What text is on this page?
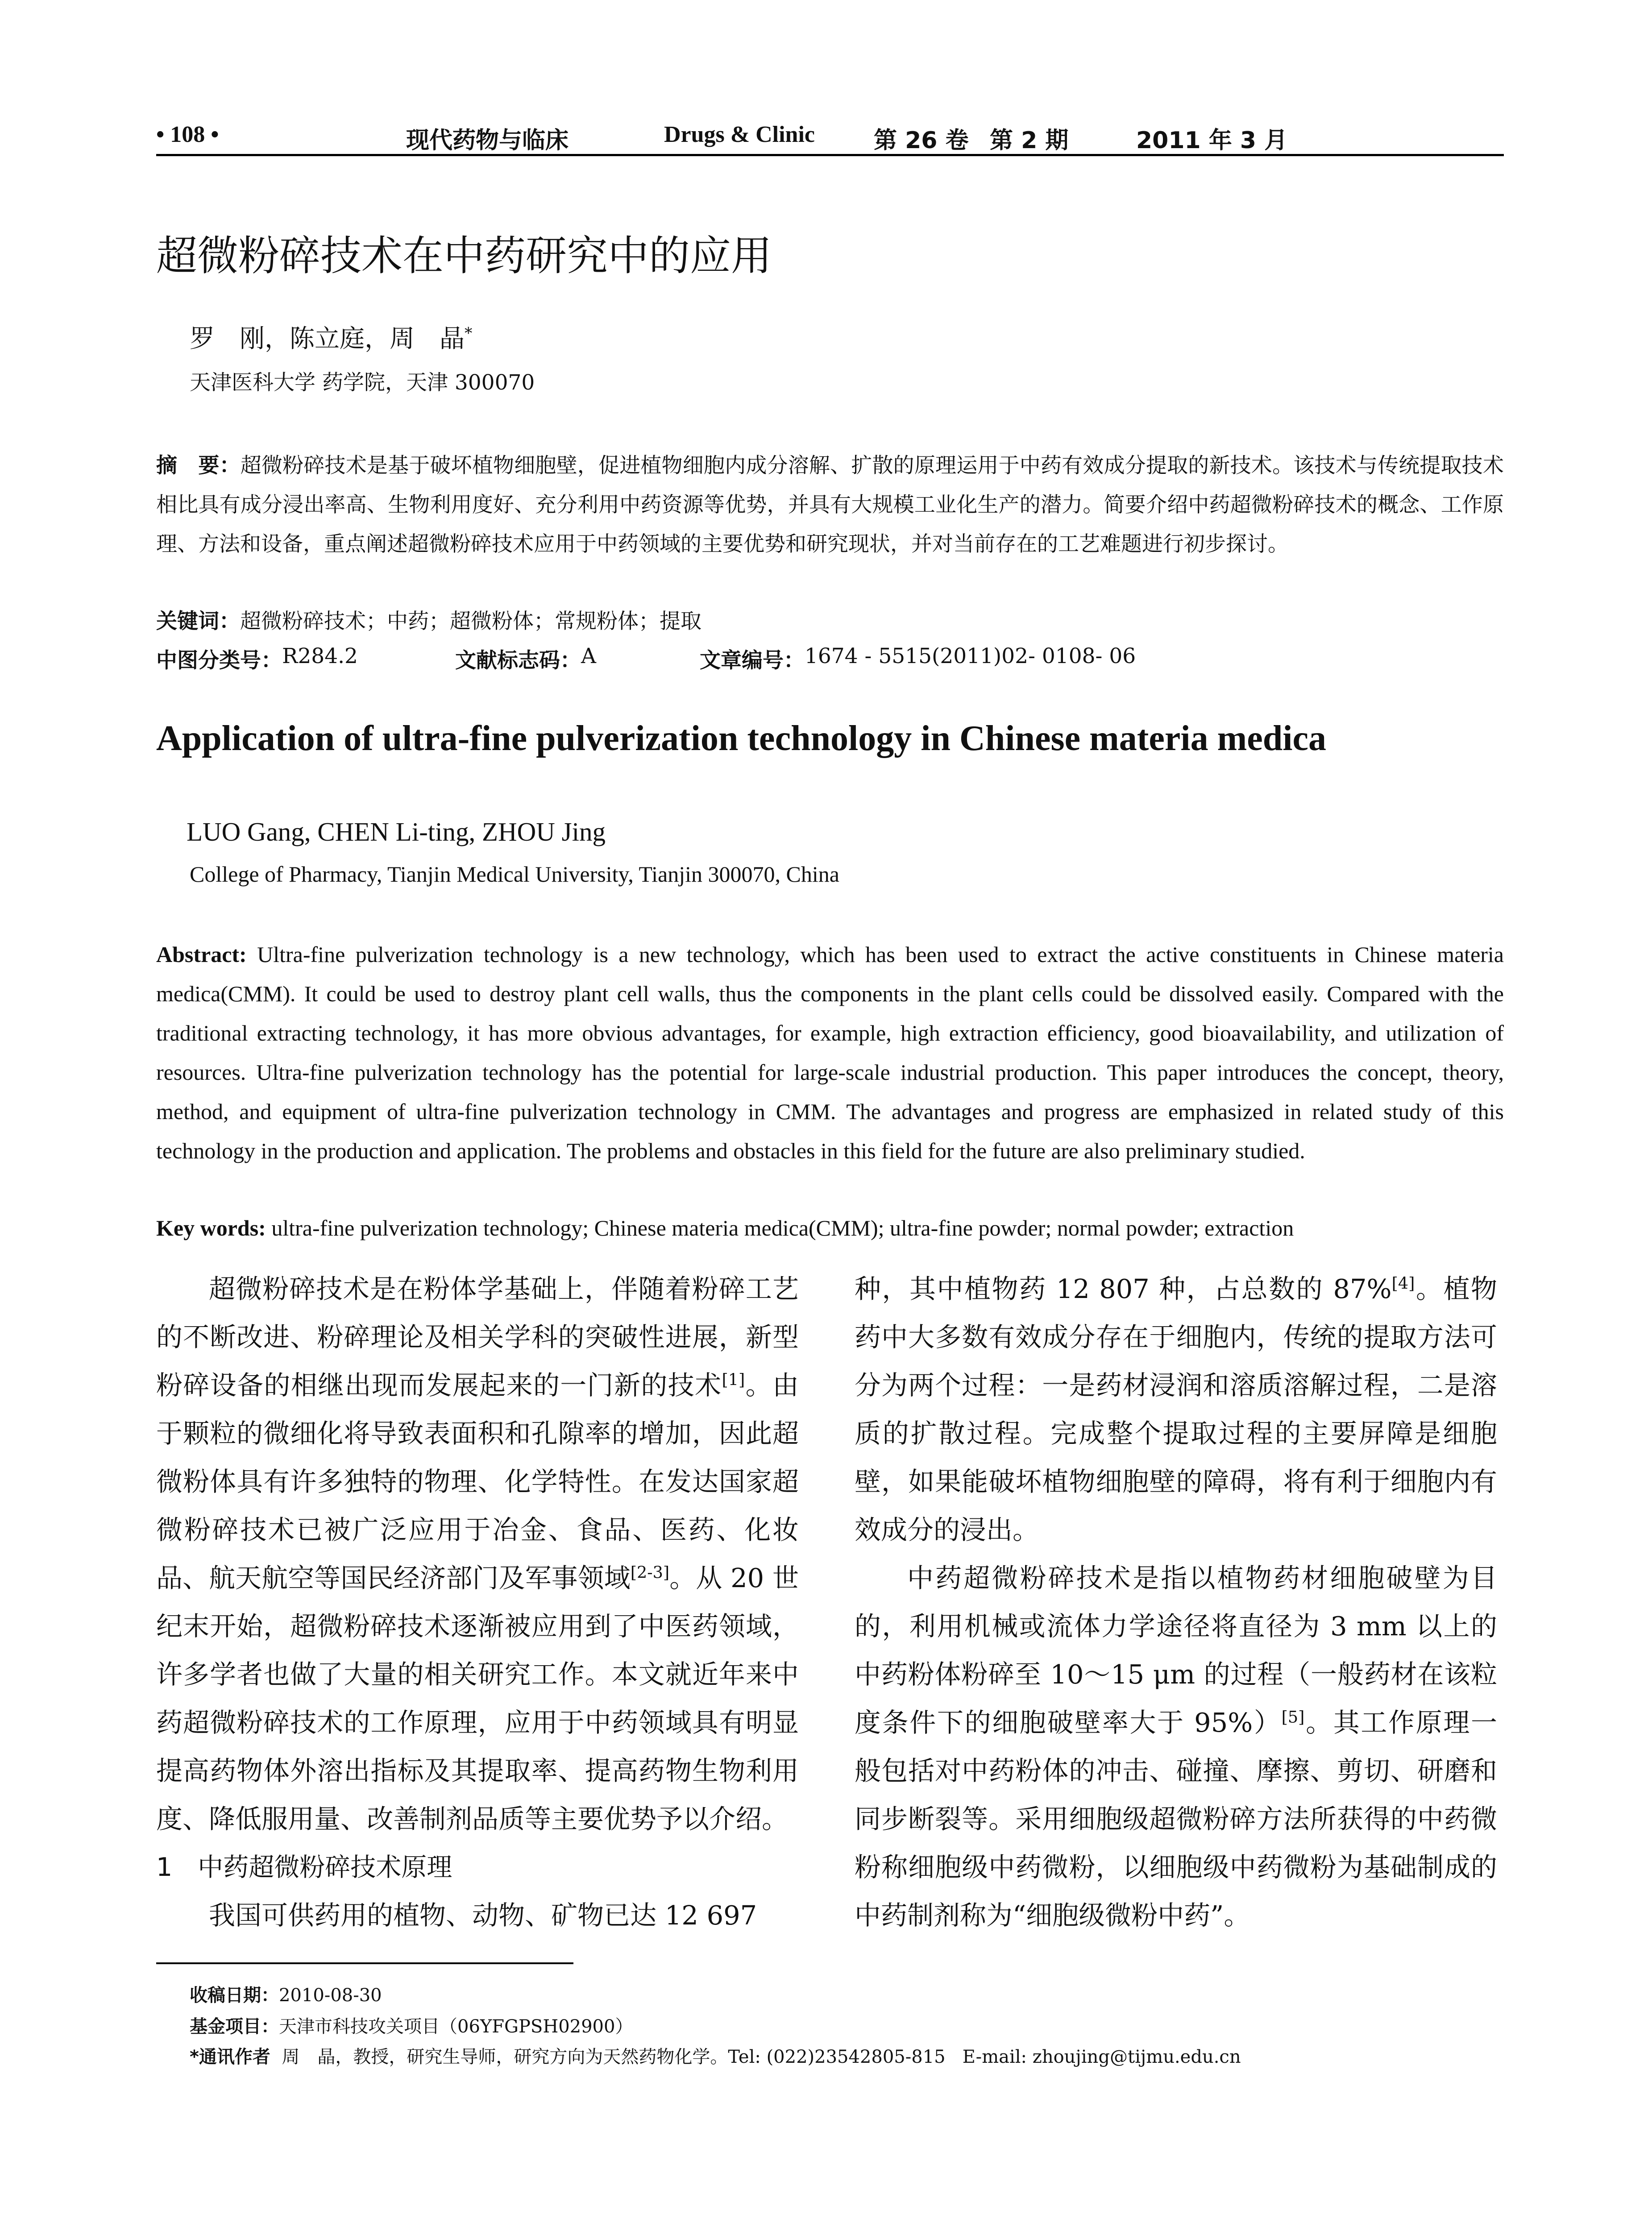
• 108 •	现代药物与临床	Drugs & Clinic	第 26 卷 第 2 期	2011 年 3 月
超微粉碎技术在中药研究中的应用
罗　刚，陈立庭，周　晶*
天津医科大学 药学院，天津 300070
摘　要：超微粉碎技术是基于破坏植物细胞壁，促进植物细胞内成分溶解、扩散的原理运用于中药有效成分提取的新技术。该技术与传统提取技术相比具有成分浸出率高、生物利用度好、充分利用中药资源等优势，并具有大规模工业化生产的潜力。简要介绍中药超微粉碎技术的概念、工作原理、方法和设备，重点阐述超微粉碎技术应用于中药领域的主要优势和研究现状，并对当前存在的工艺难题进行初步探讨。
关键词：超微粉碎技术；中药；超微粉体；常规粉体；提取
中图分类号： R284.2	文献标志码： A	文章编号： 1674 - 5515(2011)02- 0108- 06
Application of ultra-fine pulverization technology in Chinese materia medica
LUO Gang, CHEN Li-ting, ZHOU Jing
College of Pharmacy, Tianjin Medical University, Tianjin 300070, China
Abstract: Ultra-fine pulverization technology is a new technology, which has been used to extract the active constituents in Chinese materia medica(CMM). It could be used to destroy plant cell walls, thus the components in the plant cells could be dissolved easily. Compared with the traditional extracting technology, it has more obvious advantages, for example, high extraction efficiency, good bioavailability, and utilization of resources. Ultra-fine pulverization technology has the potential for large-scale industrial production. This paper introduces the concept, theory, method, and equipment of ultra-fine pulverization technology in CMM. The advantages and progress are emphasized in related study of this technology in the production and application. The problems and obstacles in this field for the future are also preliminary studied.
Key words: ultra-fine pulverization technology; Chinese materia medica(CMM); ultra-fine powder; normal powder; extraction

超微粉碎技术是在粉体学基础上，伴随着粉碎工艺的不断改进、粉碎理论及相关学科的突破性进展，新型粉碎设备的相继出现而发展起来的一门新的技术[1]。由于颗粒的微细化将导致表面积和孔隙率的增加，因此超微粉体具有许多独特的物理、化学特性。在发达国家超微粉碎技术已被广泛应用于冶金、食品、医药、化妆品、航天航空等国民经济部门及军事领域[2-3]。从 20 世纪末开始，超微粉碎技术逐渐被应用到了中医药领域，许多学者也做了大量的相关研究工作。本文就近年来中药超微粉碎技术的工作原理，应用于中药领域具有明显提高药物体外溶出指标及其提取率、提高药物生物利用度、降低服用量、改善制剂品质等主要优势予以介绍。

1　中药超微粉碎技术原理

我国可供药用的植物、动物、矿物已达 12 697

种，其中植物药 12 807 种，占总数的 87%[4]。植物药中大多数有效成分存在于细胞内，传统的提取方法可分为两个过程：一是药材浸润和溶质溶解过程，二是溶质的扩散过程。完成整个提取过程的主要屏障是细胞壁，如果能破坏植物细胞壁的障碍，将有利于细胞内有效成分的浸出。

中药超微粉碎技术是指以植物药材细胞破壁为目的，利用机械或流体力学途径将直径为 3 mm 以上的中药粉体粉碎至 10～15 μm 的过程（一般药材在该粒度条件下的细胞破壁率大于 95%）[5]。其工作原理一般包括对中药粉体的冲击、碰撞、摩擦、剪切、研磨和同步断裂等。采用细胞级超微粉碎方法所获得的中药微粉称细胞级中药微粉，以细胞级中药微粉为基础制成的中药制剂称为“细胞级微粉中药”。

收稿日期：2010-08-30
基金项目：天津市科技攻关项目（06YFGPSH02900）
*通讯作者  周　晶，教授，研究生导师，研究方向为天然药物化学。Tel: (022)23542805-815   E-mail: zhoujing@tijmu.edu.cn
